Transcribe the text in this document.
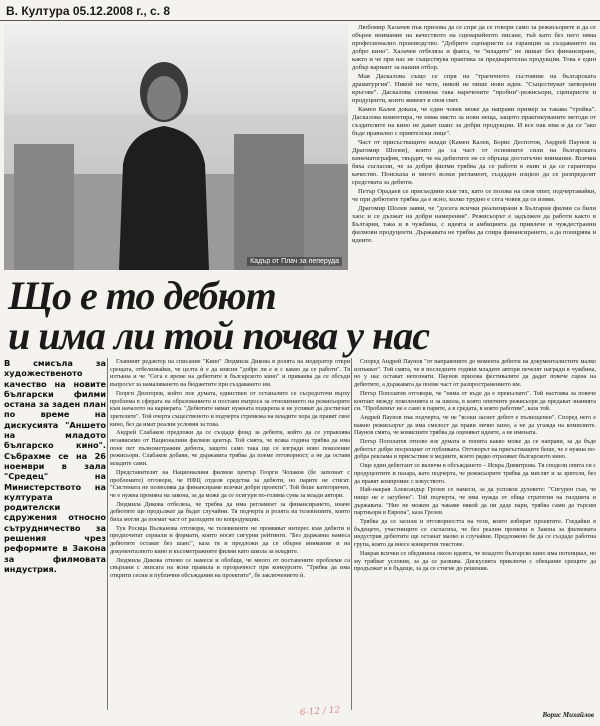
В. Култура 05.12.2008 г., с. 8
Кадър от Плач за пеперуда

Любомир Халачев пък призова да се спре да се говори само за режисьорите и да се обърне внимание на качеството на сценарийното писане, тъй като без него няма професионално производство. "Добрите сценаристи са гаранция за създаването на добро кино". Халачев отбеляза и факта, че "младите" не пишат без финансиране, както и че при нас не съществува практика за предварителна продукция. Това е един добър вариант за нашия отбор.

Мая Даскалова също се спря на "трагичното състояние на българската драматургия". Никой не чете, никой не пише нови идеи. "Съществуват затворени кръгове". Даскалова спомена така наречените "пробни"-режисьори, сценаристи и продуценти, които живеят в своя свят.

Камен Калев доказа, че един човек може да направи пример за такава "тройка". Даскалова коментира, че няма място за нови неща, защото практикуваните методи от създателите на кино не дават шанс за добри продукции. И все пак има и да се "ако бъде правилно с приятелски лице".

Част от присъстващите млади (Камен Калев, Борис Деспотов, Андрей Паунов и Драгомир Шолев), които да са част от основните сили на българската кинематография, твърдят, че на дебютите не се обръща достатъчно внимание. Всички бяха съгласни, че за добри филми трябва да се работи в екип и да се гарантира качество. Поискаха и много всеки регламент, създаден изцяло да се разпределят средствата за дебюти.

Петър Орадаев се присъедини към тях, като се позова на своя опит, подчертавайки, че при дебютите трябва да е ясно, колко трудно е сега човек да се изяви.

Драгомир Шолев заяви, че "досега всички реализирани в България филми са били хаос и се дължат на добри намерения". Режисьорът е задължен да работи както в България, така и в чужбина, с идеята и амбицията да привлече и чуждестранни филмови продуценти. Държавата не трябва да спира финансирането, а да поощрява и идеите.

Що е то дебют
и има ли той почва у нас
В смисъла за художественото качество на новите български филми остана за заден план по време на дискусията "Аншето на младото българско кино". Събрахме се на 26 ноември в зала "Средец" на Министерството на културата родителски сдружения относно сътрудничество за решения чрез реформите в Закона за филмовата индустрия.

Главният редактор на списание "Кино" Людмила Дикова в ролята на модератор откри срещата, отбелязвайки, че целта ѝ е да изясни "добре ли е и с какво да се работи". Тя изтъкна и че "Сега е време на дебютите в българското кино" и приканва да се обсъди въпросът за намаляването на бюджетите при създаването им.

Георги Дюлгеров, който пое думата, единствен от останалите се съсредоточи върху проблема в сферата на образованието и постави въпроса за отношението на режисьорите към началото на кариерата. "Дебютите нямат нужната подкрепа и не успяват да достигнат зрителите". Той очерта същественото и подчерта стремежа на младите хора да правят свое кино, без да имат реални условия за това.

Андрей Слабаков предложи да се създаде фонд за дебюти, който да се управлява независимо от Националния филмов център. Той смята, че всяка година трябва да има поне пет пълнометражни дебюта, защото само така ще се изгради ново поколение режисьори. Слабаков добави, че държавата трябва да поеме отговорност, а не да оставя младите сами.

Представителят на Националния филмов център Георги Чолаков (бе запознат с проблемите) отговори, че НФЦ отделя средства за дебюти, но парите не стигат. "Системата не позволява да финансираме всички добри проекти". Той беше категоричен, че е нужна промяна на закона, за да може да се осигури по-голяма сума за млади автори.

Людмила Дикова отбеляза, че трябва да има регламент за финансирането, иначе дебютите ще продължат да бъдат случайни. Тя подчерта и ролята на телевизиите, които биха могли да поемат част от разходите по копродукции.

Тук Росица Вълканова отговори, че телевизиите не проявяват интерес към дебюти и предпочитат сериали и формати, които носят сигурни рейтинги. "Без държавна намеса дебютите остават без шанс", каза тя и предложи да се обърне внимание и на документалното кино и късометражните филми като школа за младите.

Людмила Дикова отново се намеси и обобщи, че много от поставените проблеми са свързани с липсата на ясни правила и прозрачност при конкурсите. "Трябва да има открити сесии и публични обсъждания на проектите", бе заключението ѝ.

Според Андрей Паунов "от направените до момента дебюти на документалистите малко изпъкват". Той смята, че в последните години младите автори печелят награди в чужбина, но у нас остават непознати. Паунов призова фестивалите да дадат повече сцена на дебютите, а държавата да поеме част от разпространението им.

Петър Попзлатев отговори, че "няма от къде да е прекъснато". Той настоява за повече контакт между поколенията и за школа, в която опитните режисьори да предават знанията си. "Проблемът не е само в парите, а в средата, в която работим", каза той.

Андрей Паунов пък подчерта, че не "всеки заснет дебют е пълноценен". Според него е важно режисьорът да има смелост да прави лично кино, а не да угажда на комисиите. Паунов смята, че комисиите трябва да оценяват идеите, а не имената.

Петър Попзлатев отново взе думата и попита какво може да се направи, за да бъде дебютът добре посрещнат от публиката. Отговорът на присъстващите беше, че е нужна по-добра реклама и присъствие в медиите, които рядко отразяват българското кино.

Още един дебютант се включи в обсъждането – Искра Димитрова. Тя сподели опита си с продуцентите и пазара, като подчерта, че режисьорите трябва да мислят и за зрителя, без да правят компромис с изкуството.

Най-накрая Александър Грозев се намеси, за да успокои духовете: "Сигурен съм, че нищо не е загубено". Той подчерта, че има нужда от обща стратегия на гилдията и държавата. "Ние не можем да чакаме някой да ни даде пари, трябва сами да търсим партньори в Европа", каза Грозев.

Трябва да се засили и отговорността на тези, които избират проектите. Гледайки в бъдещето, участниците се съгласиха, че без реални промени в Закона за филмовата индустрия дебютите ще останат малко и случайни. Предложено бе да се създаде работна група, която да внесе конкретни текстове.

Накрая всички се обединиха около идеята, че младото българско кино има потенциал, но му трябват условия, за да се развива. Дискусията приключи с обещание срещите да продължат и в бъдеще, за да се стигне до решения.

6-12 / 12	Ворис Михайлов
